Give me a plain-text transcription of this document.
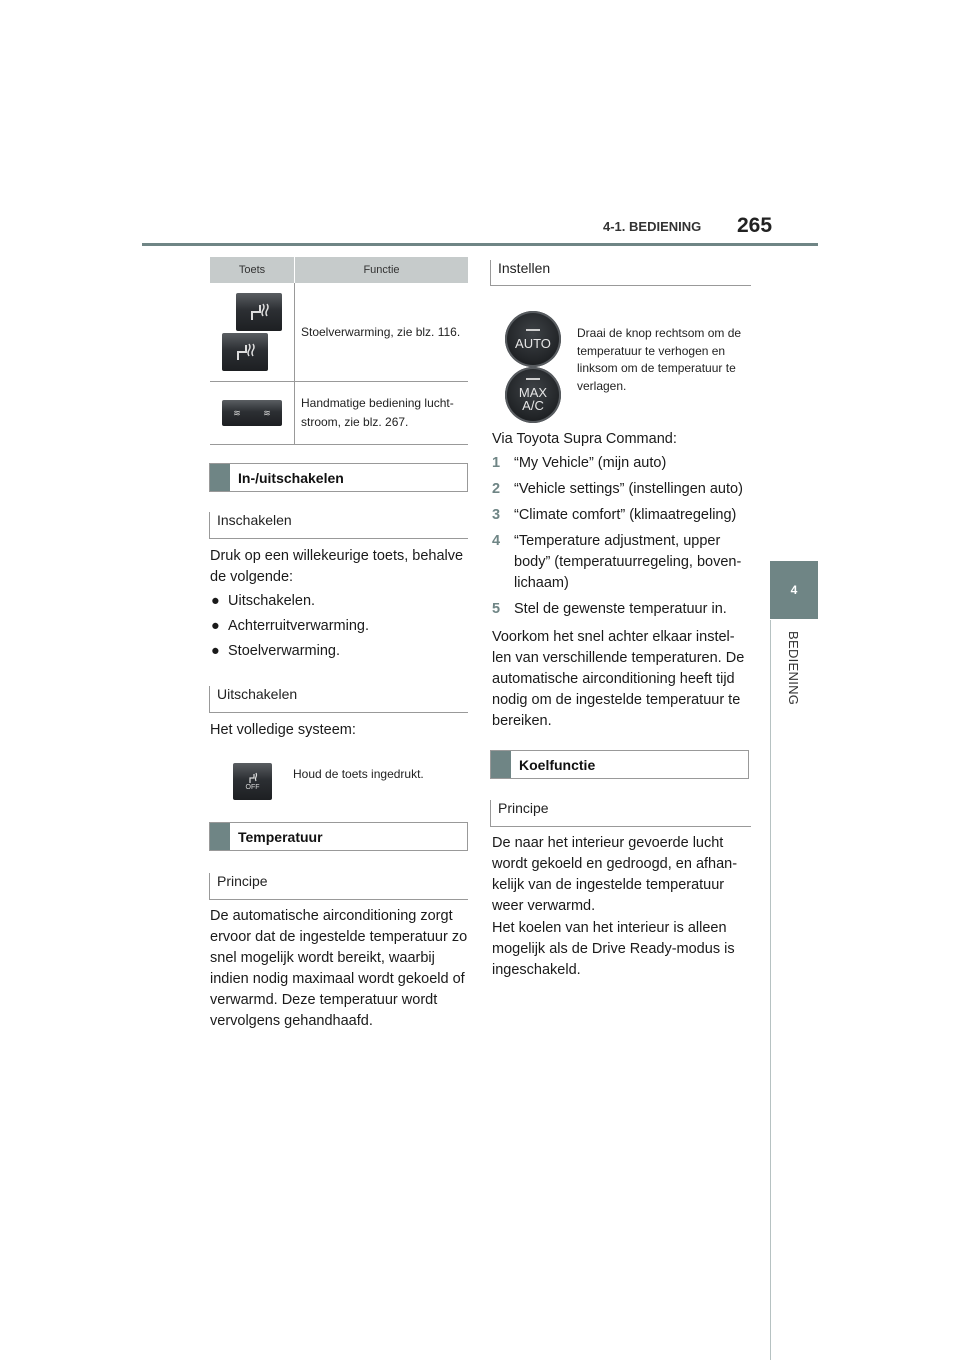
4-1. BEDIENING 265
4
BEDIENING
Toets	Functie
Stoelverwarming, zie blz. 116.
≋ ≋
Handmatige bediening lucht-stroom, zie blz. 267.
In-/uitschakelen
Inschakelen
Druk op een willekeurige toets, behalve de volgende:
● Uitschakelen.
● Achterruitverwarming.
● Stoelverwarming.
Uitschakelen
Het volledige systeem:
OFF
Houd de toets ingedrukt.
Temperatuur
Principe
De automatische airconditioning zorgt ervoor dat de ingestelde temperatuur zo snel mogelijk wordt bereikt, waarbij indien nodig maximaal wordt gekoeld of verwarmd. Deze temperatuur wordt vervolgens gehandhaafd.
Instellen
AUTO
MAX
A/C
Draai de knop rechtsom om de temperatuur te verhogen en linksom om de temperatuur te verlagen.
Via Toyota Supra Command:
1 “My Vehicle” (mijn auto)
2 “Vehicle settings” (instellingen auto)
3 “Climate comfort” (klimaatregeling)
4 “Temperature adjustment, upper body” (temperatuurregeling, boven-lichaam)
5 Stel de gewenste temperatuur in.
Voorkom het snel achter elkaar instel-len van verschillende temperaturen. De automatische airconditioning heeft tijd nodig om de ingestelde temperatuur te bereiken.
Koelfunctie
Principe
De naar het interieur gevoerde lucht wordt gekoeld en gedroogd, en afhan-kelijk van de ingestelde temperatuur weer verwarmd.
Het koelen van het interieur is alleen mogelijk als de Drive Ready-modus is ingeschakeld.
